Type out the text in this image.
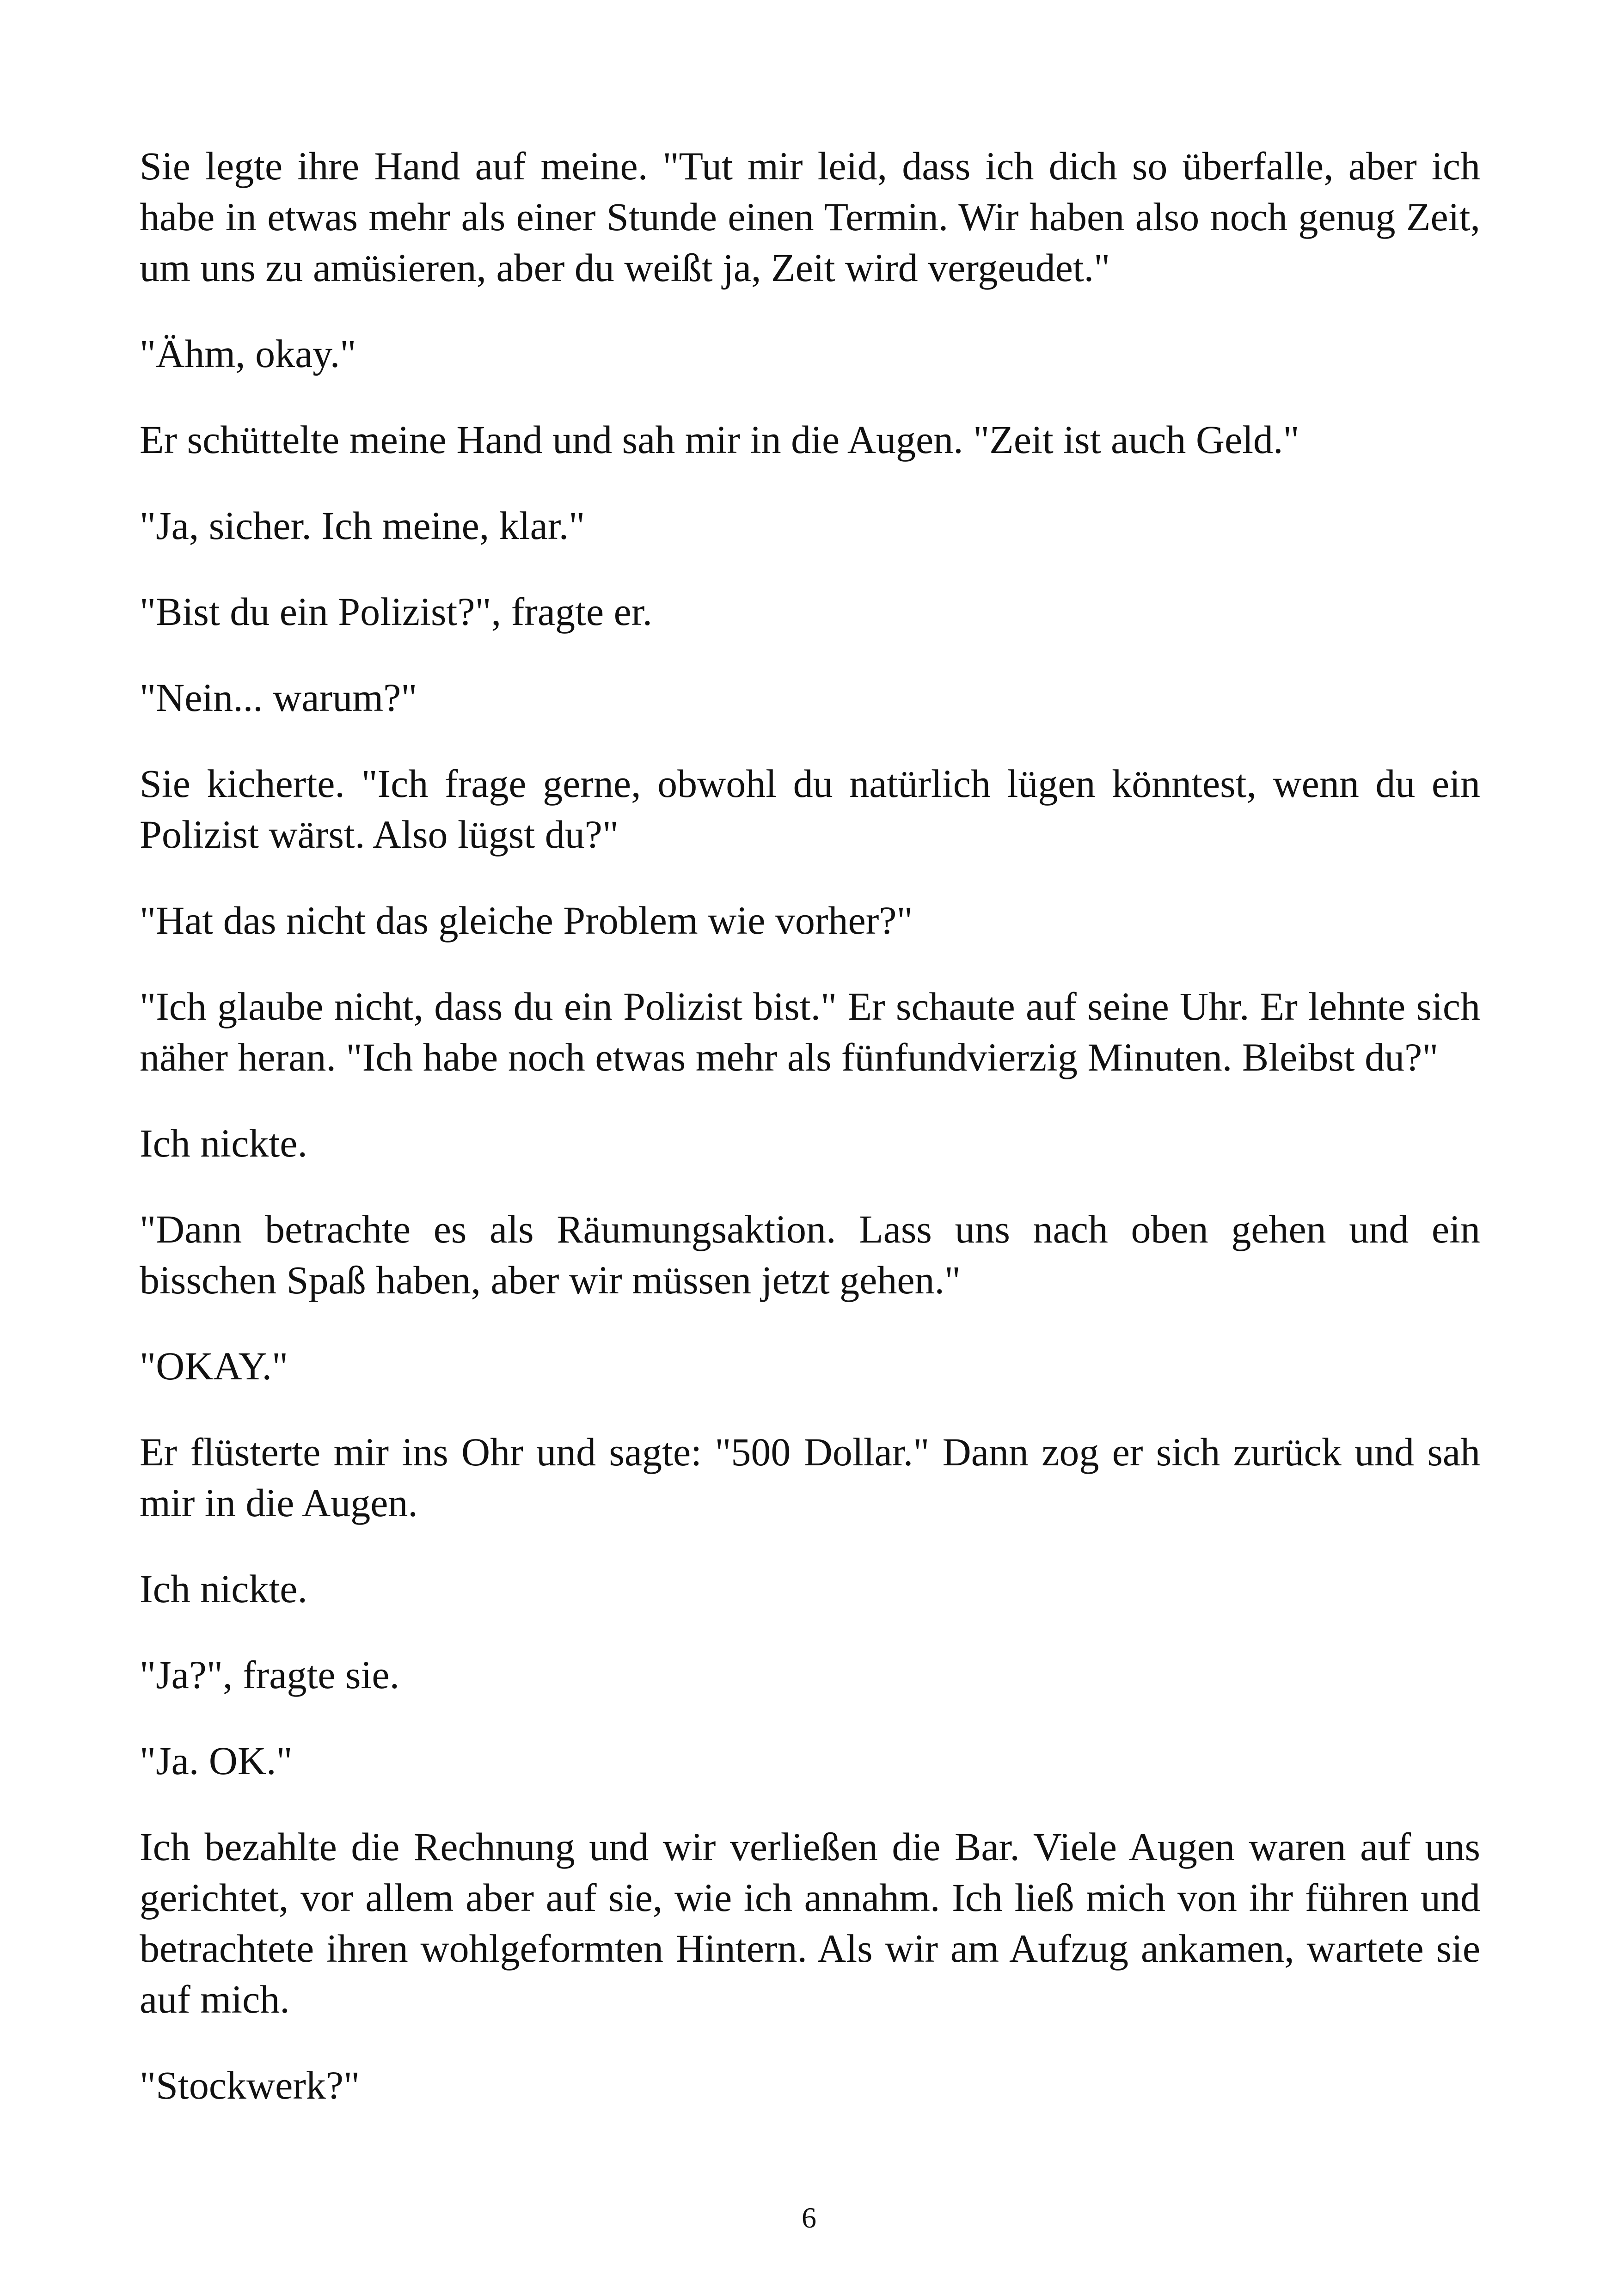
Sie legte ihre Hand auf meine. "Tut mir leid, dass ich dich so überfalle, aber ich habe in etwas mehr als einer Stunde einen Termin. Wir haben also noch genug Zeit, um uns zu amüsieren, aber du weißt ja, Zeit wird vergeudet."

"Ähm, okay."

Er schüttelte meine Hand und sah mir in die Augen. "Zeit ist auch Geld."

"Ja, sicher. Ich meine, klar."

"Bist du ein Polizist?", fragte er.

"Nein... warum?"

Sie kicherte. "Ich frage gerne, obwohl du natürlich lügen könntest, wenn du ein Polizist wärst. Also lügst du?"

"Hat das nicht das gleiche Problem wie vorher?"

"Ich glaube nicht, dass du ein Polizist bist." Er schaute auf seine Uhr. Er lehnte sich näher heran. "Ich habe noch etwas mehr als fünfundvierzig Minuten. Bleibst du?"

Ich nickte.

"Dann betrachte es als Räumungsaktion. Lass uns nach oben gehen und ein bisschen Spaß haben, aber wir müssen jetzt gehen."

"OKAY."

Er flüsterte mir ins Ohr und sagte: "500 Dollar." Dann zog er sich zurück und sah mir in die Augen.

Ich nickte.

"Ja?", fragte sie.

"Ja. OK."

Ich bezahlte die Rechnung und wir verließen die Bar. Viele Augen waren auf uns gerichtet, vor allem aber auf sie, wie ich annahm. Ich ließ mich von ihr führen und betrachtete ihren wohlgeformten Hintern. Als wir am Aufzug ankamen, wartete sie auf mich.

"Stockwerk?"

6
